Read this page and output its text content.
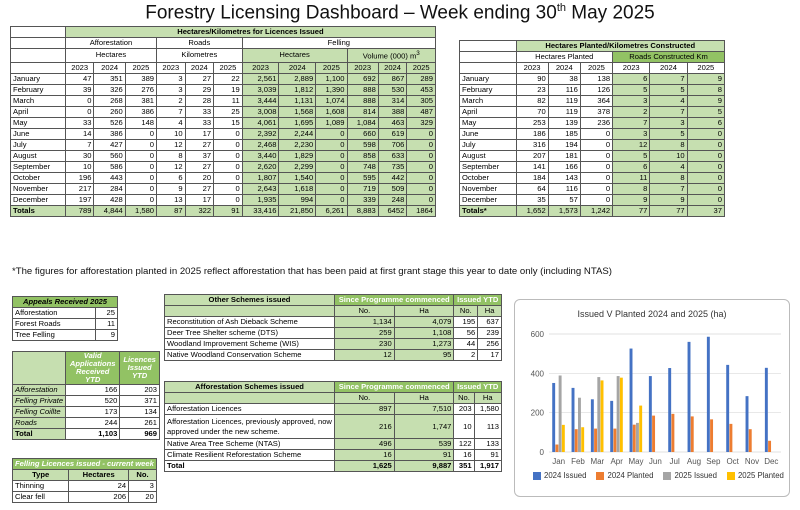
Forestry Licensing Dashboard – Week ending 30th May 2025
	Hectares/Kilometres for Licences Issued											
	Afforestation			Roads			Felling					
	Hectares			Kilometres			Hectares			Volume (000) $m^3$
	2023	2024	2025	2023	2024	2025	2023	2024	2025	2023	2024	2025
January	47	351	389	3	27	22	2,561	2,889	1,100	692	867	289
February	39	326	276	3	29	19	3,039	1,812	1,390	888	530	453
March	0	268	381	2	28	11	3,444	1,131	1,074	888	314	305
April	0	260	386	7	33	25	3,008	1,568	1,608	814	388	487
May	33	526	148	4	33	15	4,061	1,695	1,089	1,084	463	329
June	14	386	0	10	17	0	2,392	2,244	0	660	619	0
July	7	427	0	12	27	0	2,468	2,230	0	598	706	0
August	30	560	0	8	37	0	3,440	1,829	0	858	633	0
September	10	586	0	12	27	0	2,620	2,299	0	748	735	0
October	196	443	0	6	20	0	1,807	1,540	0	595	442	0
November	217	284	0	9	27	0	2,643	1,618	0	719	509	0
December	197	428	0	13	17	0	1,935	994	0	339	248	0
Totals	789	4,844	1,580	87	322	91	33,416	21,850	6,261	8,883	6452	1864
	Hectares Planted/Kilometres Constructed					
	Hectares Planted			Roads Constructed Km		
	2023	2024	2025	2023	2024	2025
January	90	38	138	6	7	9
February	23	116	126	5	5	8
March	82	119	364	3	4	9
April	70	119	378	2	7	5
May	253	139	236	7	3	6
June	186	185	0	3	5	0
July	316	194	0	12	8	0
August	207	181	0	5	10	0
September	141	166	0	6	4	0
October	184	143	0	11	8	0
November	64	116	0	8	7	0
December	35	57	0	9	9	0
Totals*	1,652	1,573	1,242	77	77	37
*The figures for afforestation planted in 2025 reflect afforestation that has been paid at first grant stage this year to date only (including NTAS)
Appeals Received 2025	
Afforestation	25
Forest Roads	11
Tree Felling	9
	Valid Applications Received YTD	Licences Issued YTD
Afforestation	166	203
Felling Private	520	371
Felling Coillte	173	134
Roads	244	261
Total	1,103	969
Felling Licences issued - current week		
Type	Hectares	No.
Thinning	24	3
Clear fell	206	20
Other Schemes issued	Since Programme commenced		Issued YTD	
	No.	Ha	No.	Ha
Reconstitution of Ash Dieback Scheme	1,134	4,079	195	637
Deer Tree Shelter scheme (DTS)	259	1,108	56	239
Woodland Improvement Scheme (WIS)	230	1,273	44	256
Native Woodland Conservation Scheme	12	95	2	17
Afforestation Schemes issued	Since Programme commenced		Issued YTD	
	No.	Ha	No.	Ha
Afforestation Licences	897	7,510	203	1,580
Afforestation Licences, previously approved, now approved under the new scheme.	216	1,747	10	113
Native Area Tree Scheme (NTAS)	496	539	122	133
Climate Resilient Reforestation Scheme	16	91	16	91
Total	1,625	9,887	351	1,917
Issued V Planted 2024 and 2025 (ha)
0
200
400
600
Jan Feb Mar Apr May Jun Jul Aug Sep Oct Nov Dec
2024 Issued	2024 Planted	2025 Issued	2025 Planted
